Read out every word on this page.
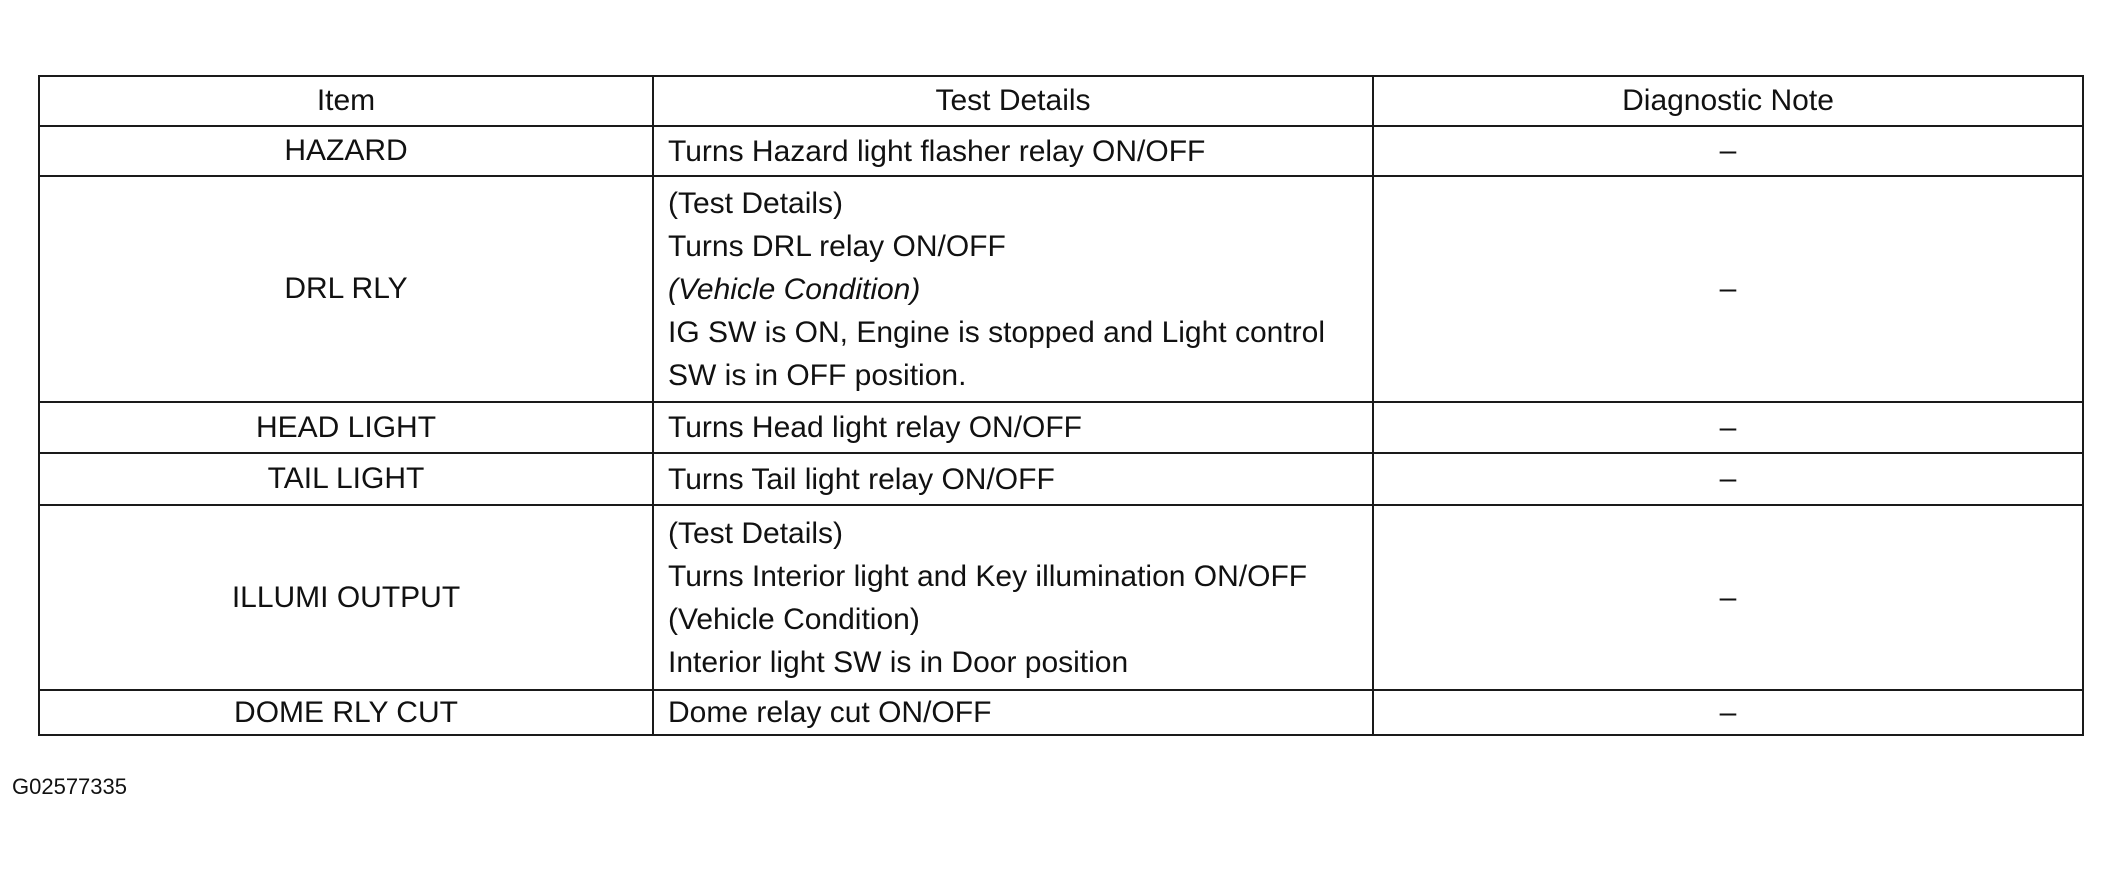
Item	Test Details	Diagnostic Note
HAZARD	Turns Hazard light flasher relay ON/OFF	–
DRL RLY	(Test Details)
Turns DRL relay ON/OFF
(Vehicle Condition)
IG SW is ON, Engine is stopped and Light control
SW is in OFF position.	–
HEAD LIGHT	Turns Head light relay ON/OFF	–
TAIL LIGHT	Turns Tail light relay ON/OFF	–
ILLUMI OUTPUT	(Test Details)
Turns Interior light and Key illumination ON/OFF
(Vehicle Condition)
Interior light SW is in Door position	–
DOME RLY CUT	Dome relay cut ON/OFF	–
G02577335
